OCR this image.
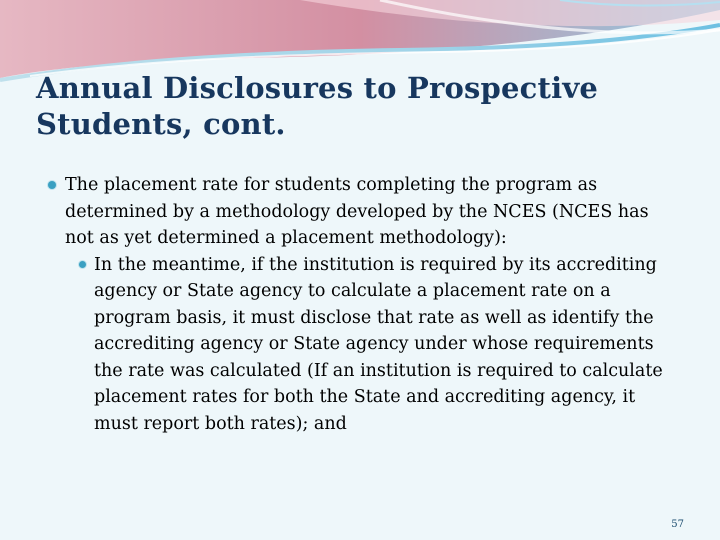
Annual Disclosures to Prospective Students, cont.
The placement rate for students completing the program as determined by a methodology developed by the NCES (NCES has not as yet determined a placement methodology):
In the meantime, if the institution is required by its accrediting agency or State agency to calculate a placement rate on a program basis, it must disclose that rate as well as identify the accrediting agency or State agency under whose requirements the rate was calculated (If an institution is required to calculate placement rates for both the State and accrediting agency, it must report both rates); and
57
